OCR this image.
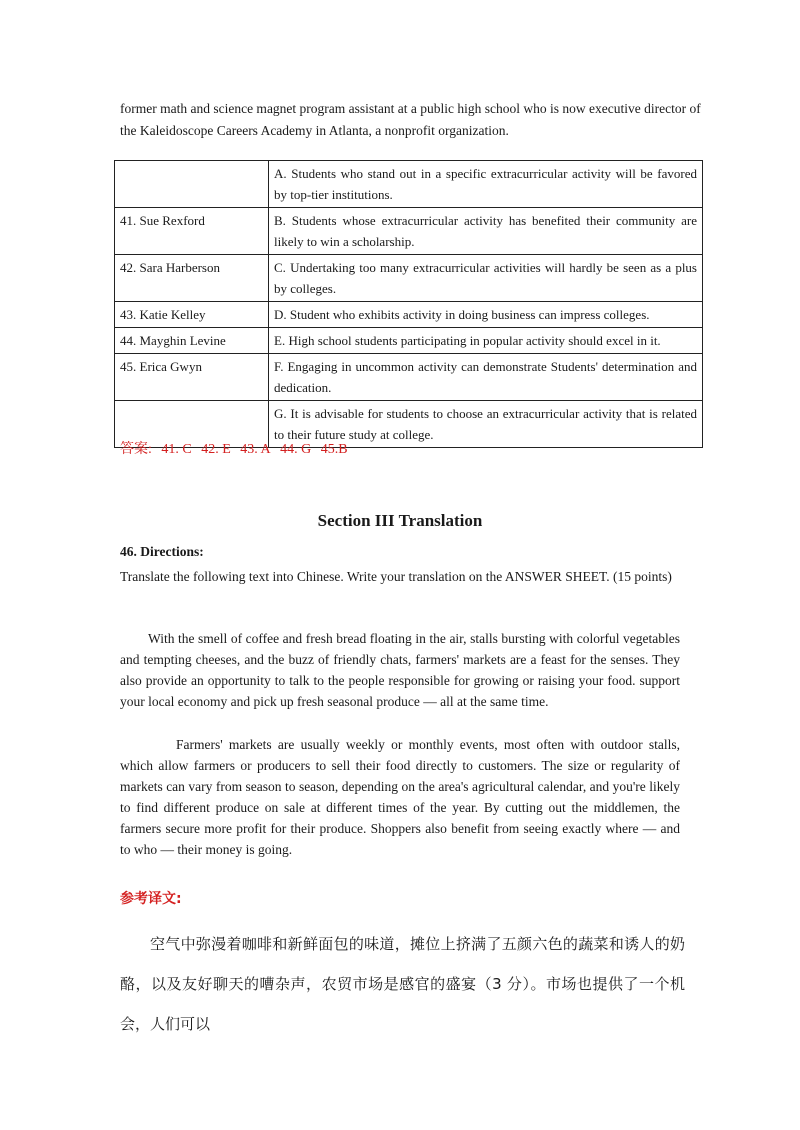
former math and science magnet program assistant at a public high school who is now executive director of the Kaleidoscope Careers Academy in Atlanta, a nonprofit organization.

	A. Students who stand out in a specific extracurricular activity will be favored by top-tier institutions.
41. Sue Rexford	B. Students whose extracurricular activity has benefited their community are likely to win a scholarship.
42. Sara Harberson	C. Undertaking too many extracurricular activities will hardly be seen as a plus by colleges.
43. Katie Kelley	D. Student who exhibits activity in doing business can impress colleges.
44. Mayghin Levine	E. High school students participating in popular activity should excel in it.
45. Erica Gwyn	F. Engaging in uncommon activity can demonstrate Students' determination and dedication.
	G. It is advisable for students to choose an extracurricular activity that is related to their future study at college.
答案: 41. C 42. E 43. A 44. G 45.B
Section III Translation
46. Directions:
Translate the following text into Chinese. Write your translation on the ANSWER SHEET. (15 points)
With the smell of coffee and fresh bread floating in the air, stalls bursting with colorful vegetables and tempting cheeses, and the buzz of friendly chats, farmers' markets are a feast for the senses. They also provide an opportunity to talk to the people responsible for growing or raising your food. support your local economy and pick up fresh seasonal produce — all at the same time.
Farmers' markets are usually weekly or monthly events, most often with outdoor stalls, which allow farmers or producers to sell their food directly to customers. The size or regularity of markets can vary from season to season, depending on the area's agricultural calendar, and you're likely to find different produce on sale at different times of the year. By cutting out the middlemen, the farmers secure more profit for their produce. Shoppers also benefit from seeing exactly where — and to who — their money is going.
参考译文:
空气中弥漫着咖啡和新鲜面包的味道，摊位上挤满了五颜六色的蔬菜和诱人的奶酪，以及友好聊天的嘈杂声，农贸市场是感官的盛宴（3 分）。市场也提供了一个机会，人们可以
